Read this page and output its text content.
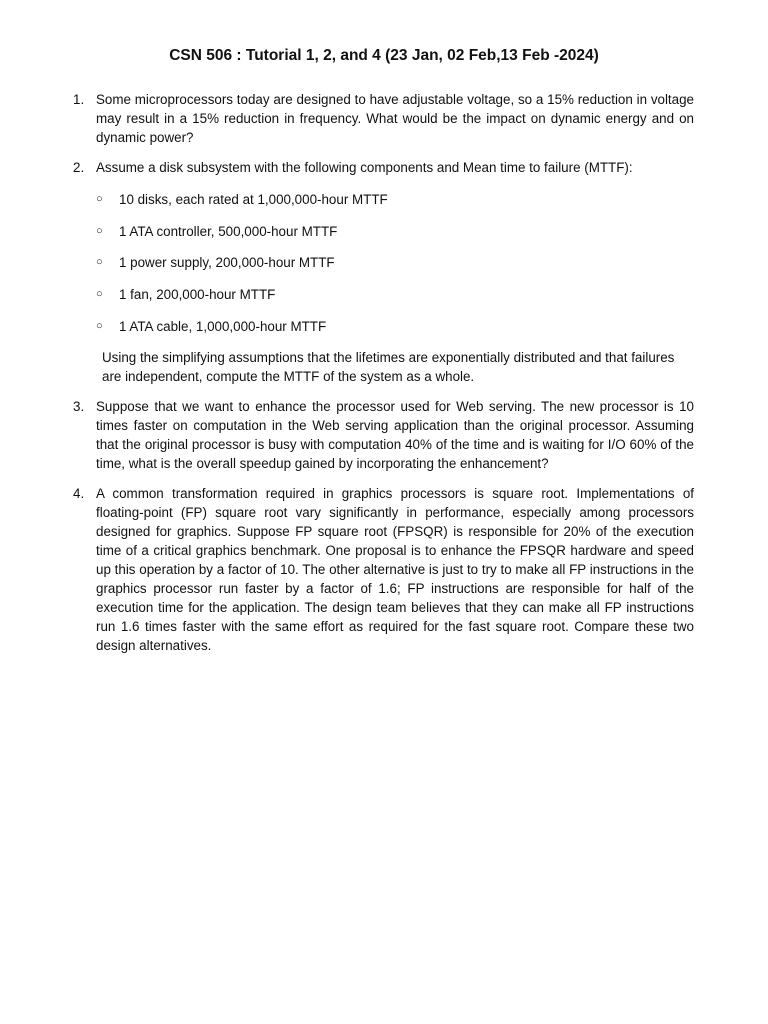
CSN 506 : Tutorial 1, 2, and 4 (23 Jan, 02 Feb,13 Feb -2024)
1. Some microprocessors today are designed to have adjustable voltage, so a 15% reduction in voltage may result in a 15% reduction in frequency. What would be the impact on dynamic energy and on dynamic power?
2. Assume a disk subsystem with the following components and Mean time to failure (MTTF):
○ 10 disks, each rated at 1,000,000-hour MTTF
○ 1 ATA controller, 500,000-hour MTTF
○ 1 power supply, 200,000-hour MTTF
○ 1 fan, 200,000-hour MTTF
○ 1 ATA cable, 1,000,000-hour MTTF
Using the simplifying assumptions that the lifetimes are exponentially distributed and that failures are independent, compute the MTTF of the system as a whole.
3. Suppose that we want to enhance the processor used for Web serving. The new processor is 10 times faster on computation in the Web serving application than the original processor. Assuming that the original processor is busy with computation 40% of the time and is waiting for I/O 60% of the time, what is the overall speedup gained by incorporating the enhancement?
4. A common transformation required in graphics processors is square root. Implementations of floating-point (FP) square root vary significantly in performance, especially among processors designed for graphics. Suppose FP square root (FPSQR) is responsible for 20% of the execution time of a critical graphics benchmark. One proposal is to enhance the FPSQR hardware and speed up this operation by a factor of 10. The other alternative is just to try to make all FP instructions in the graphics processor run faster by a factor of 1.6; FP instructions are responsible for half of the execution time for the application. The design team believes that they can make all FP instructions run 1.6 times faster with the same effort as required for the fast square root. Compare these two design alternatives.
